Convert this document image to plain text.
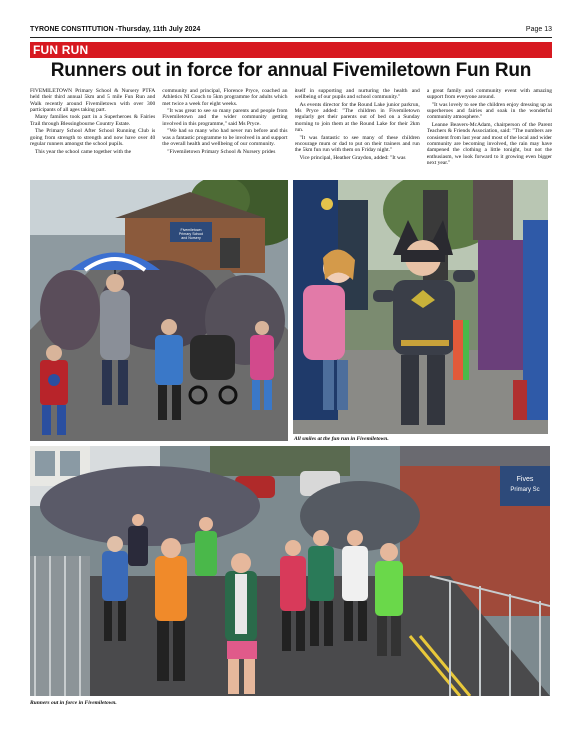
TYRONE CONSTITUTION -Thursday, 11th July 2024	Page 13
FUN RUN
Runners out in force for annual Fivemiletown Fun Run

FIVEMILETOWN Primary School & Nursery PTFA held their third annual 5km and 5 mile Fun Run and Walk recently around Fivemiletown with over 300 participants of all ages taking part.

Many families took part in a Superheroes & Fairies Trail through Blessingbourne Country Estate.

The Primary School After School Running Club is going from strength to strength and now have over 40 regular runners amongst the school pupils.

This year the school came together with the

community and principal, Florence Pryce, coached an Athletics NI Couch to 5km programme for adults which met twice a week for eight weeks.

"It was great to see so many parents and people from Fivemiletown and the wider community getting involved in this programme," said Ms Pryce.

"We had so many who had never run before and this was a fantastic programme to be involved in and support the overall health and wellbeing of our community.

"Fivemiletown Primary School & Nursery prides

itself in supporting and nurturing the health and wellbeing of our pupils and school community."

As events director for the Round Lake junior parkrun, Ms Pryce added: "The children in Fivemiletown regularly get their parents out of bed on a Sunday morning to join them at the Round Lake for their 2km run.

"It was fantastic to see many of these children encourage mum or dad to put on their trainers and run the 5km fun run with them on Friday night."

Vice principal, Heather Graydon, added: "It was

a great family and community event with amazing support from everyone around.

"It was lovely to see the children enjoy dressing up as superheroes and fairies and soak in the wonderful community atmosphere."

Leanne Beavers-McAdam, chairperson of the Parent Teachers & Friends Association, said: "The numbers are consistent from last year and most of the local and wider community are becoming involved, the rain may have dampened the clothing a little tonight, but not the enthusiasm, we look forward to it growing even bigger next year."

Fivemiletown
Primary School
and Nursery
All smiles at the fun run in Fivemiletown.
Fives
Primary Sc
Runners out in force in Fivemiletown.
